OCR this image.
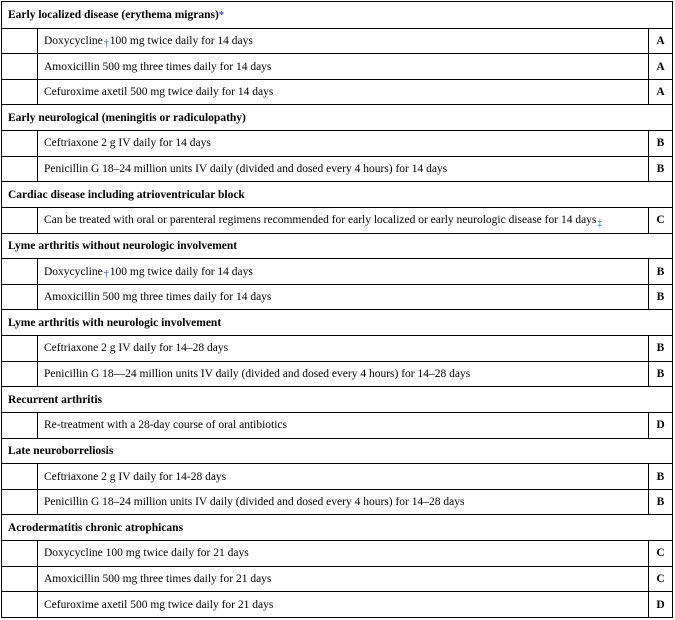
Early localized disease (erythema migrans) *
Doxycycline † 100 mg twice daily for 14 days	A
Amoxicillin 500 mg three times daily for 14 days	A
Cefuroxime axetil 500 mg twice daily for 14 days	A
Early neurological (meningitis or radiculopathy)
Ceftriaxone 2 g IV daily for 14 days	B
Penicillin G 18–24 million units IV daily (divided and dosed every 4 hours) for 14 days	B
Cardiac disease including atrioventricular block
Can be treated with oral or parenteral regimens recommended for early localized or early neurologic disease for 14 days ‡	C
Lyme arthritis without neurologic involvement
Doxycycline † 100 mg twice daily for 14 days	B
Amoxicillin 500 mg three times daily for 14 days	B
Lyme arthritis with neurologic involvement
Ceftriaxone 2 g IV daily for 14–28 days	B
Penicillin G 18—24 million units IV daily (divided and dosed every 4 hours) for 14–28 days	B
Recurrent arthritis
Re-treatment with a 28-day course of oral antibiotics	D
Late neuroborreliosis
Ceftriaxone 2 g IV daily for 14-28 days	B
Penicillin G 18–24 million units IV daily (divided and dosed every 4 hours) for 14–28 days	B
Acrodermatitis chronic atrophicans
Doxycycline 100 mg twice daily for 21 days	C
Amoxicillin 500 mg three times daily for 21 days	C
Cefuroxime axetil 500 mg twice daily for 21 days	D
